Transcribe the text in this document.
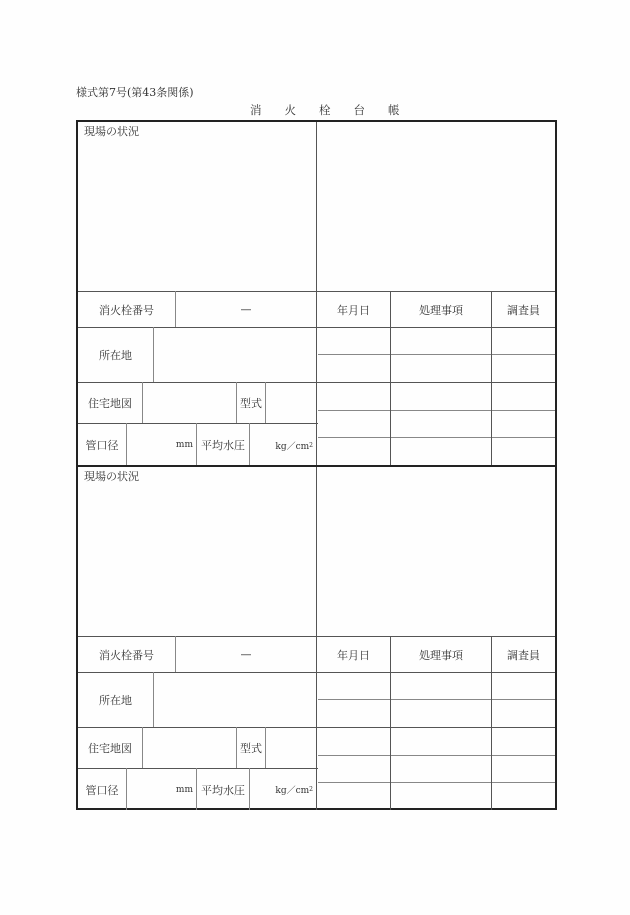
様式第7号(第43条関係)
消　　火　　栓　　台　　帳
現場の状況
消火栓番号	—	年月日	処理事項	調査員
所在地
住宅地図	型式
管口径	mm 平均水圧	kg／cm 2
現場の状況
消火栓番号	—	年月日	処理事項	調査員
所在地
住宅地図	型式
管口径	mm 平均水圧	kg／cm 2
